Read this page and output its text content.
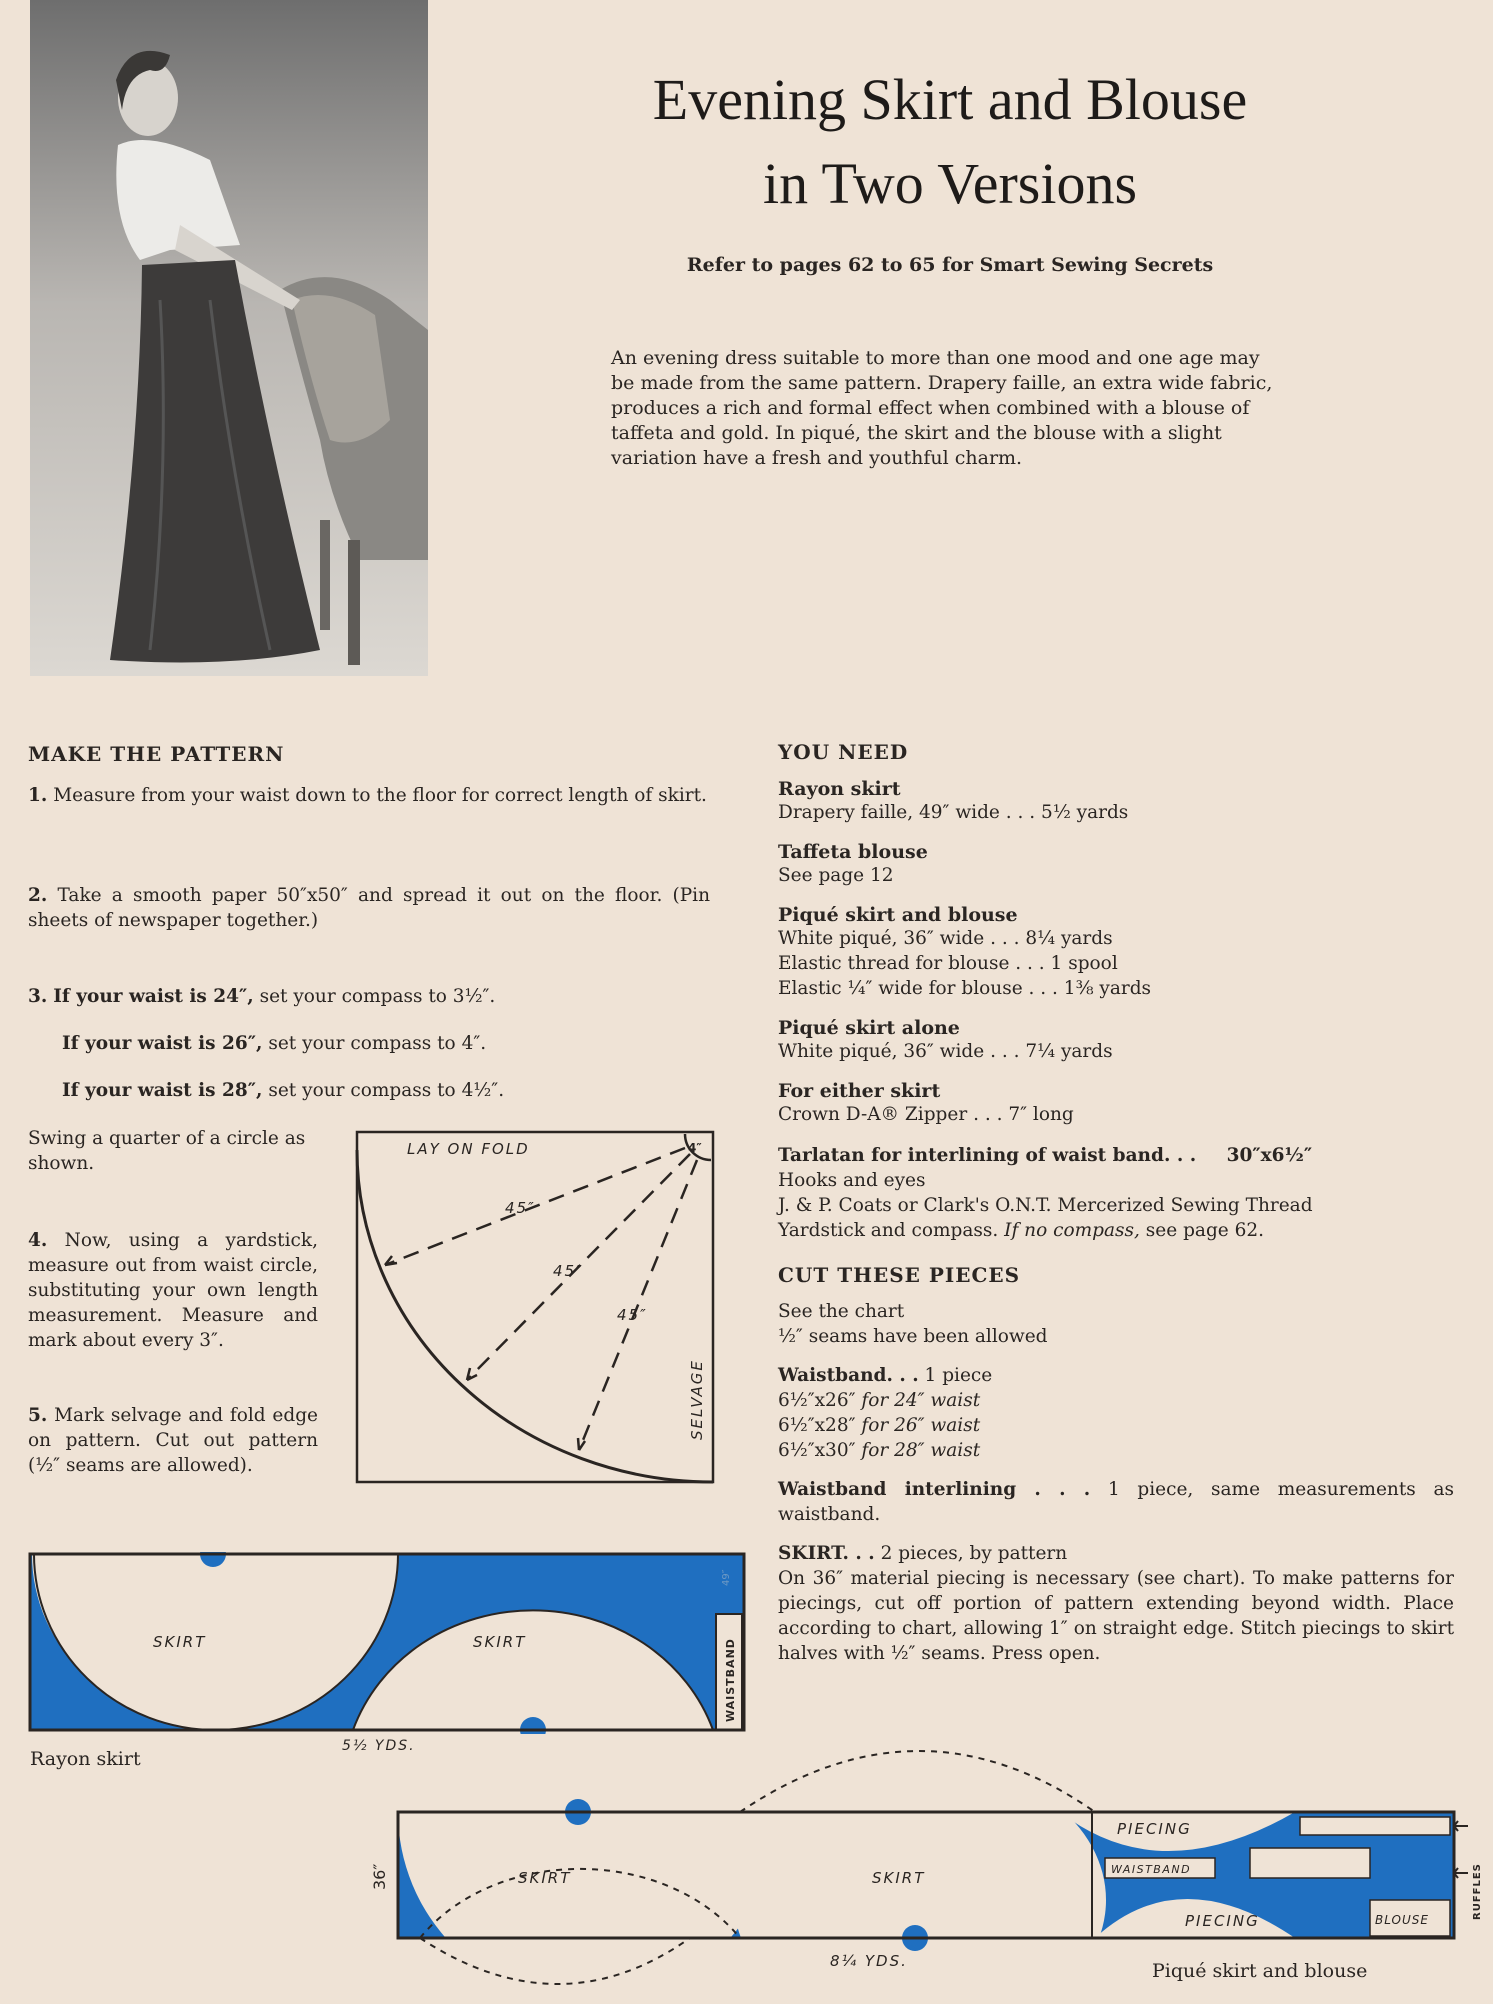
Evening Skirt and Blouse
in Two Versions
Refer to pages 62 to 65 for Smart Sewing Secrets
An evening dress suitable to more than one mood and one age may
be made from the same pattern. Drapery faille, an extra wide fabric,
produces a rich and formal effect when combined with a blouse of
taffeta and gold. In piqué, the skirt and the blouse with a slight
variation have a fresh and youthful charm.
MAKE THE PATTERN
1. Measure from your waist down to the floor for correct length of skirt.
2. Take a smooth paper 50″x50″ and spread it out on the floor. (Pin sheets of newspaper together.)
3. If your waist is 24″, set your compass to 3½″.
If your waist is 26″, set your compass to 4″.
If your waist is 28″, set your compass to 4½″.
Swing a quarter of a circle as shown.
4. Now, using a yardstick, measure out from waist circle, substituting your own length measurement. Measure and mark about every 3″.
5. Mark selvage and fold edge on pattern. Cut out pattern (½″ seams are allowed).
LAY ON FOLD	4″
45″
45″
45″
SELVAGE
SKIRT	SKIRT	WAISTBAND
49″
5½ YDS.
Rayon skirt
36″	SKIRT	SKIRT
PIECING
PIECING
WAISTBAND
BLOUSE	RUFFLES
8¼ YDS.	Piqué skirt and blouse
YOU NEED
Rayon skirt
Drapery faille, 49″ wide . . . 5½ yards
Taffeta blouse
See page 12
Piqué skirt and blouse
White piqué, 36″ wide . . . 8¼ yards
Elastic thread for blouse . . . 1 spool
Elastic ¼″ wide for blouse . . . 1⅜ yards
Piqué skirt alone
White piqué, 36″ wide . . . 7¼ yards
For either skirt
Crown D-A® Zipper . . . 7″ long
Tarlatan for interlining of waist band. . . 30″x6½″
Hooks and eyes
J. & P. Coats or Clark's O.N.T. Mercerized Sewing Thread
Yardstick and compass. If no compass, see page 62.
CUT THESE PIECES
See the chart
½″ seams have been allowed
Waistband. . . 1 piece
6½″x26″ for 24″ waist
6½″x28″ for 26″ waist
6½″x30″ for 28″ waist
Waistband interlining . . . 1 piece, same measurements as waistband.
SKIRT. . . 2 pieces, by pattern
On 36″ material piecing is necessary (see chart). To make patterns for piecings, cut off portion of pattern extending beyond width. Place according to chart, allowing 1″ on straight edge. Stitch piecings to skirt halves with ½″ seams. Press open.
